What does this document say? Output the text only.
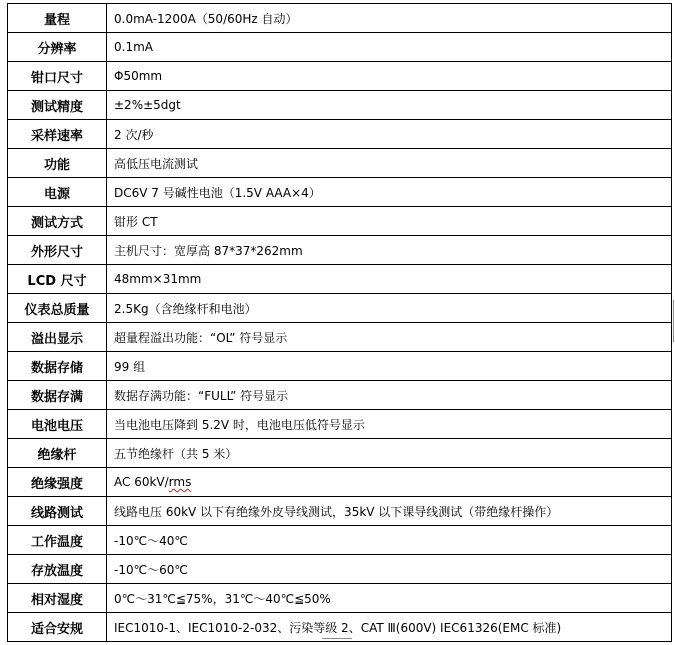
量程	0.0mA-1200A（50/60Hz 自动）
分辨率	0.1mA
钳口尺寸	Φ50mm
测试精度	±2%±5dgt
采样速率	2 次/秒
功能	高低压电流测试
电源	DC6V 7 号碱性电池（1.5V AAA×4）
测试方式	钳形 CT
外形尺寸	主机尺寸：宽厚高 87*37*262mm
LCD 尺寸	48mm×31mm
仪表总质量	2.5Kg（含绝缘杆和电池）
溢出显示	超量程溢出功能：“OL” 符号显示
数据存储	99 组
数据存满	数据存满功能：“FULL” 符号显示
电池电压	当电池电压降到 5.2V 时，电池电压低符号显示
绝缘杆	五节绝缘杆（共 5 米）
绝缘强度	AC 60kV/rms
线路测试	线路电压 60kV 以下有绝缘外皮导线测试，35kV 以下课导线测试（带绝缘杆操作）
工作温度	-10℃～40℃
存放温度	-10℃～60℃
相对湿度	0℃～31℃≦75%，31℃～40℃≦50%
适合安规	IEC1010-1、IEC1010-2-032、污染等级 2、CAT Ⅲ(600V) IEC61326(EMC 标准)
